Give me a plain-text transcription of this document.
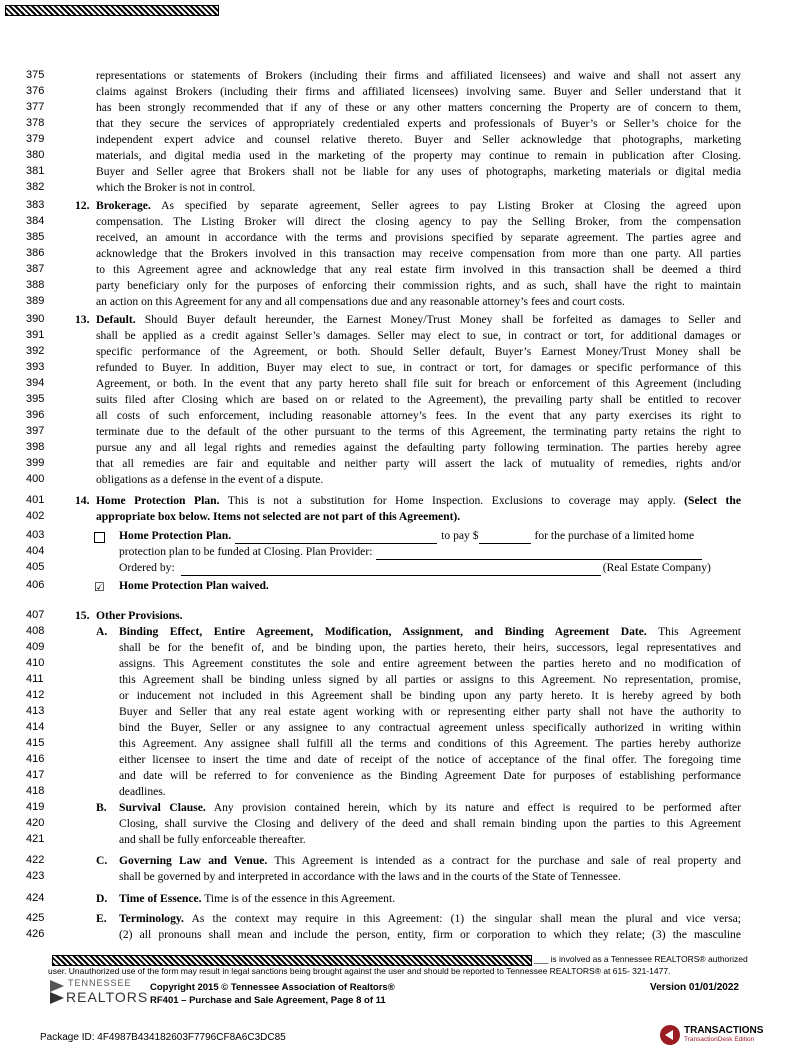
375	representations or statements of Brokers (including their firms and affiliated licensees) and waive and shall not assert any
376	claims against Brokers (including their firms and affiliated licensees) involving same. Buyer and Seller understand that it
377	has been strongly recommended that if any of these or any other matters concerning the Property are of concern to them,
378	that they secure the services of appropriately credentialed experts and professionals of Buyer’s or Seller’s choice for the
379	independent expert advice and counsel relative thereto. Buyer and Seller acknowledge that photographs, marketing
380	materials, and digital media used in the marketing of the property may continue to remain in publication after Closing.
381	Buyer and Seller agree that Brokers shall not be liable for any uses of photographs, marketing materials or digital media
382	which the Broker is not in control.
383	12. Brokerage. As specified by separate agreement, Seller agrees to pay Listing Broker at Closing the agreed upon
384	compensation. The Listing Broker will direct the closing agency to pay the Selling Broker, from the compensation
385	received, an amount in accordance with the terms and provisions specified by separate agreement. The parties agree and
386	acknowledge that the Brokers involved in this transaction may receive compensation from more than one party. All parties
387	to this Agreement agree and acknowledge that any real estate firm involved in this transaction shall be deemed a third
388	party beneficiary only for the purposes of enforcing their commission rights, and as such, shall have the right to maintain
389	an action on this Agreement for any and all compensations due and any reasonable attorney’s fees and court costs.
390	13. Default. Should Buyer default hereunder, the Earnest Money/Trust Money shall be forfeited as damages to Seller and
391	shall be applied as a credit against Seller’s damages. Seller may elect to sue, in contract or tort, for additional damages or
392	specific performance of the Agreement, or both. Should Seller default, Buyer’s Earnest Money/Trust Money shall be
393	refunded to Buyer. In addition, Buyer may elect to sue, in contract or tort, for damages or specific performance of this
394	Agreement, or both. In the event that any party hereto shall file suit for breach or enforcement of this Agreement (including
395	suits filed after Closing which are based on or related to the Agreement), the prevailing party shall be entitled to recover
396	all costs of such enforcement, including reasonable attorney’s fees. In the event that any party exercises its right to
397	terminate due to the default of the other pursuant to the terms of this Agreement, the terminating party retains the right to
398	pursue any and all legal rights and remedies against the defaulting party following termination. The parties hereby agree
399	that all remedies are fair and equitable and neither party will assert the lack of mutuality of remedies, rights and/or
400	obligations as a defense in the event of a dispute.
401	14. Home Protection Plan. This is not a substitution for Home Inspection. Exclusions to coverage may apply. (Select the
402	appropriate box below. Items not selected are not part of this Agreement).
403	Home Protection Plan.	to pay $	for the purchase of a limited home
404	protection plan to be funded at Closing. Plan Provider:
405	Ordered by:	(Real Estate Company)
406	☑ Home Protection Plan waived.
407	15. Other Provisions.
408	A. Binding Effect, Entire Agreement, Modification, Assignment, and Binding Agreement Date. This Agreement
409	shall be for the benefit of, and be binding upon, the parties hereto, their heirs, successors, legal representatives and
410	assigns. This Agreement constitutes the sole and entire agreement between the parties hereto and no modification of
411	this Agreement shall be binding unless signed by all parties or assigns to this Agreement. No representation, promise,
412	or inducement not included in this Agreement shall be binding upon any party hereto. It is hereby agreed by both
413	Buyer and Seller that any real estate agent working with or representing either party shall not have the authority to
414	bind the Buyer, Seller or any assignee to any contractual agreement unless specifically authorized in writing within
415	this Agreement. Any assignee shall fulfill all the terms and conditions of this Agreement. The parties hereby authorize
416	either licensee to insert the time and date of receipt of the notice of acceptance of the final offer. The foregoing time
417	and date will be referred to for convenience as the Binding Agreement Date for purposes of establishing performance
418	deadlines.
419	B. Survival Clause. Any provision contained herein, which by its nature and effect is required to be performed after
420	Closing, shall survive the Closing and delivery of the deed and shall remain binding upon the parties to this Agreement
421	and shall be fully enforceable thereafter.
422	C. Governing Law and Venue. This Agreement is intended as a contract for the purchase and sale of real property and
423	shall be governed by and interpreted in accordance with the laws and in the courts of the State of Tennessee.
424	D. Time of Essence. Time is of the essence in this Agreement.
425	E. Terminology. As the context may require in this Agreement: (1) the singular shall mean the plural and vice versa;
426	(2) all pronouns shall mean and include the person, entity, firm or corporation to which they relate; (3) the masculine
___ is involved as a Tennessee REALTORS® authorized
user. Unauthorized use of the form may result in legal sanctions being brought against the user and should be reported to Tennessee REALTORS® at 615- 321-1477.
TENNESSEE
REALTORS
Copyright 2015 © Tennessee Association of Realtors®
RF401 – Purchase and Sale Agreement, Page 8 of 11
Version 01/01/2022
Package ID: 4F4987B434182603F7796CF8A6C3DC85
TRANSACTIONS
TransactionDesk Edition
